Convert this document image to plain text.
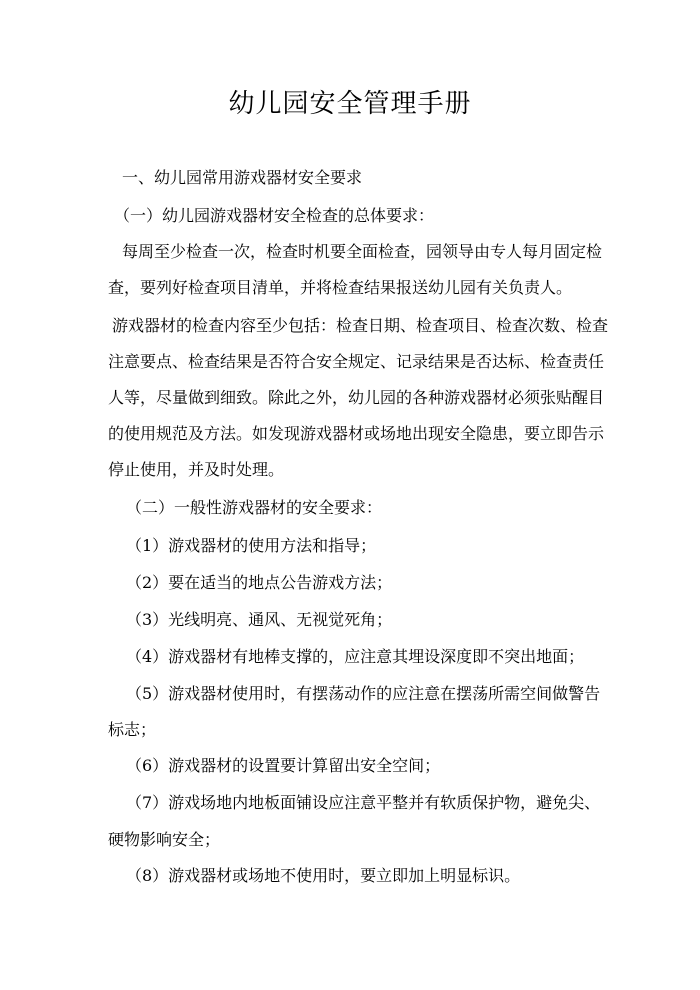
幼儿园安全管理手册
一、幼儿园常用游戏器材安全要求
（一）幼儿园游戏器材安全检查的总体要求：
每周至少检查一次，检查时机要全面检查，园领导由专人每月固定检
查，要列好检查项目清单，并将检查结果报送幼儿园有关负责人。
游戏器材的检查内容至少包括：检查日期、检查项目、检查次数、检查
注意要点、检查结果是否符合安全规定、记录结果是否达标、检查责任
人等，尽量做到细致。除此之外，幼儿园的各种游戏器材必须张贴醒目
的使用规范及方法。如发现游戏器材或场地出现安全隐患，要立即告示
停止使用，并及时处理。
（二）一般性游戏器材的安全要求：
（1）游戏器材的使用方法和指导；
（2）要在适当的地点公告游戏方法；
（3）光线明亮、通风、无视觉死角；
（4）游戏器材有地棒支撑的，应注意其埋设深度即不突出地面；
（5）游戏器材使用时，有摆荡动作的应注意在摆荡所需空间做警告
标志；
（6）游戏器材的设置要计算留出安全空间；
（7）游戏场地内地板面铺设应注意平整并有软质保护物，避免尖、
硬物影响安全；
（8）游戏器材或场地不使用时，要立即加上明显标识。
